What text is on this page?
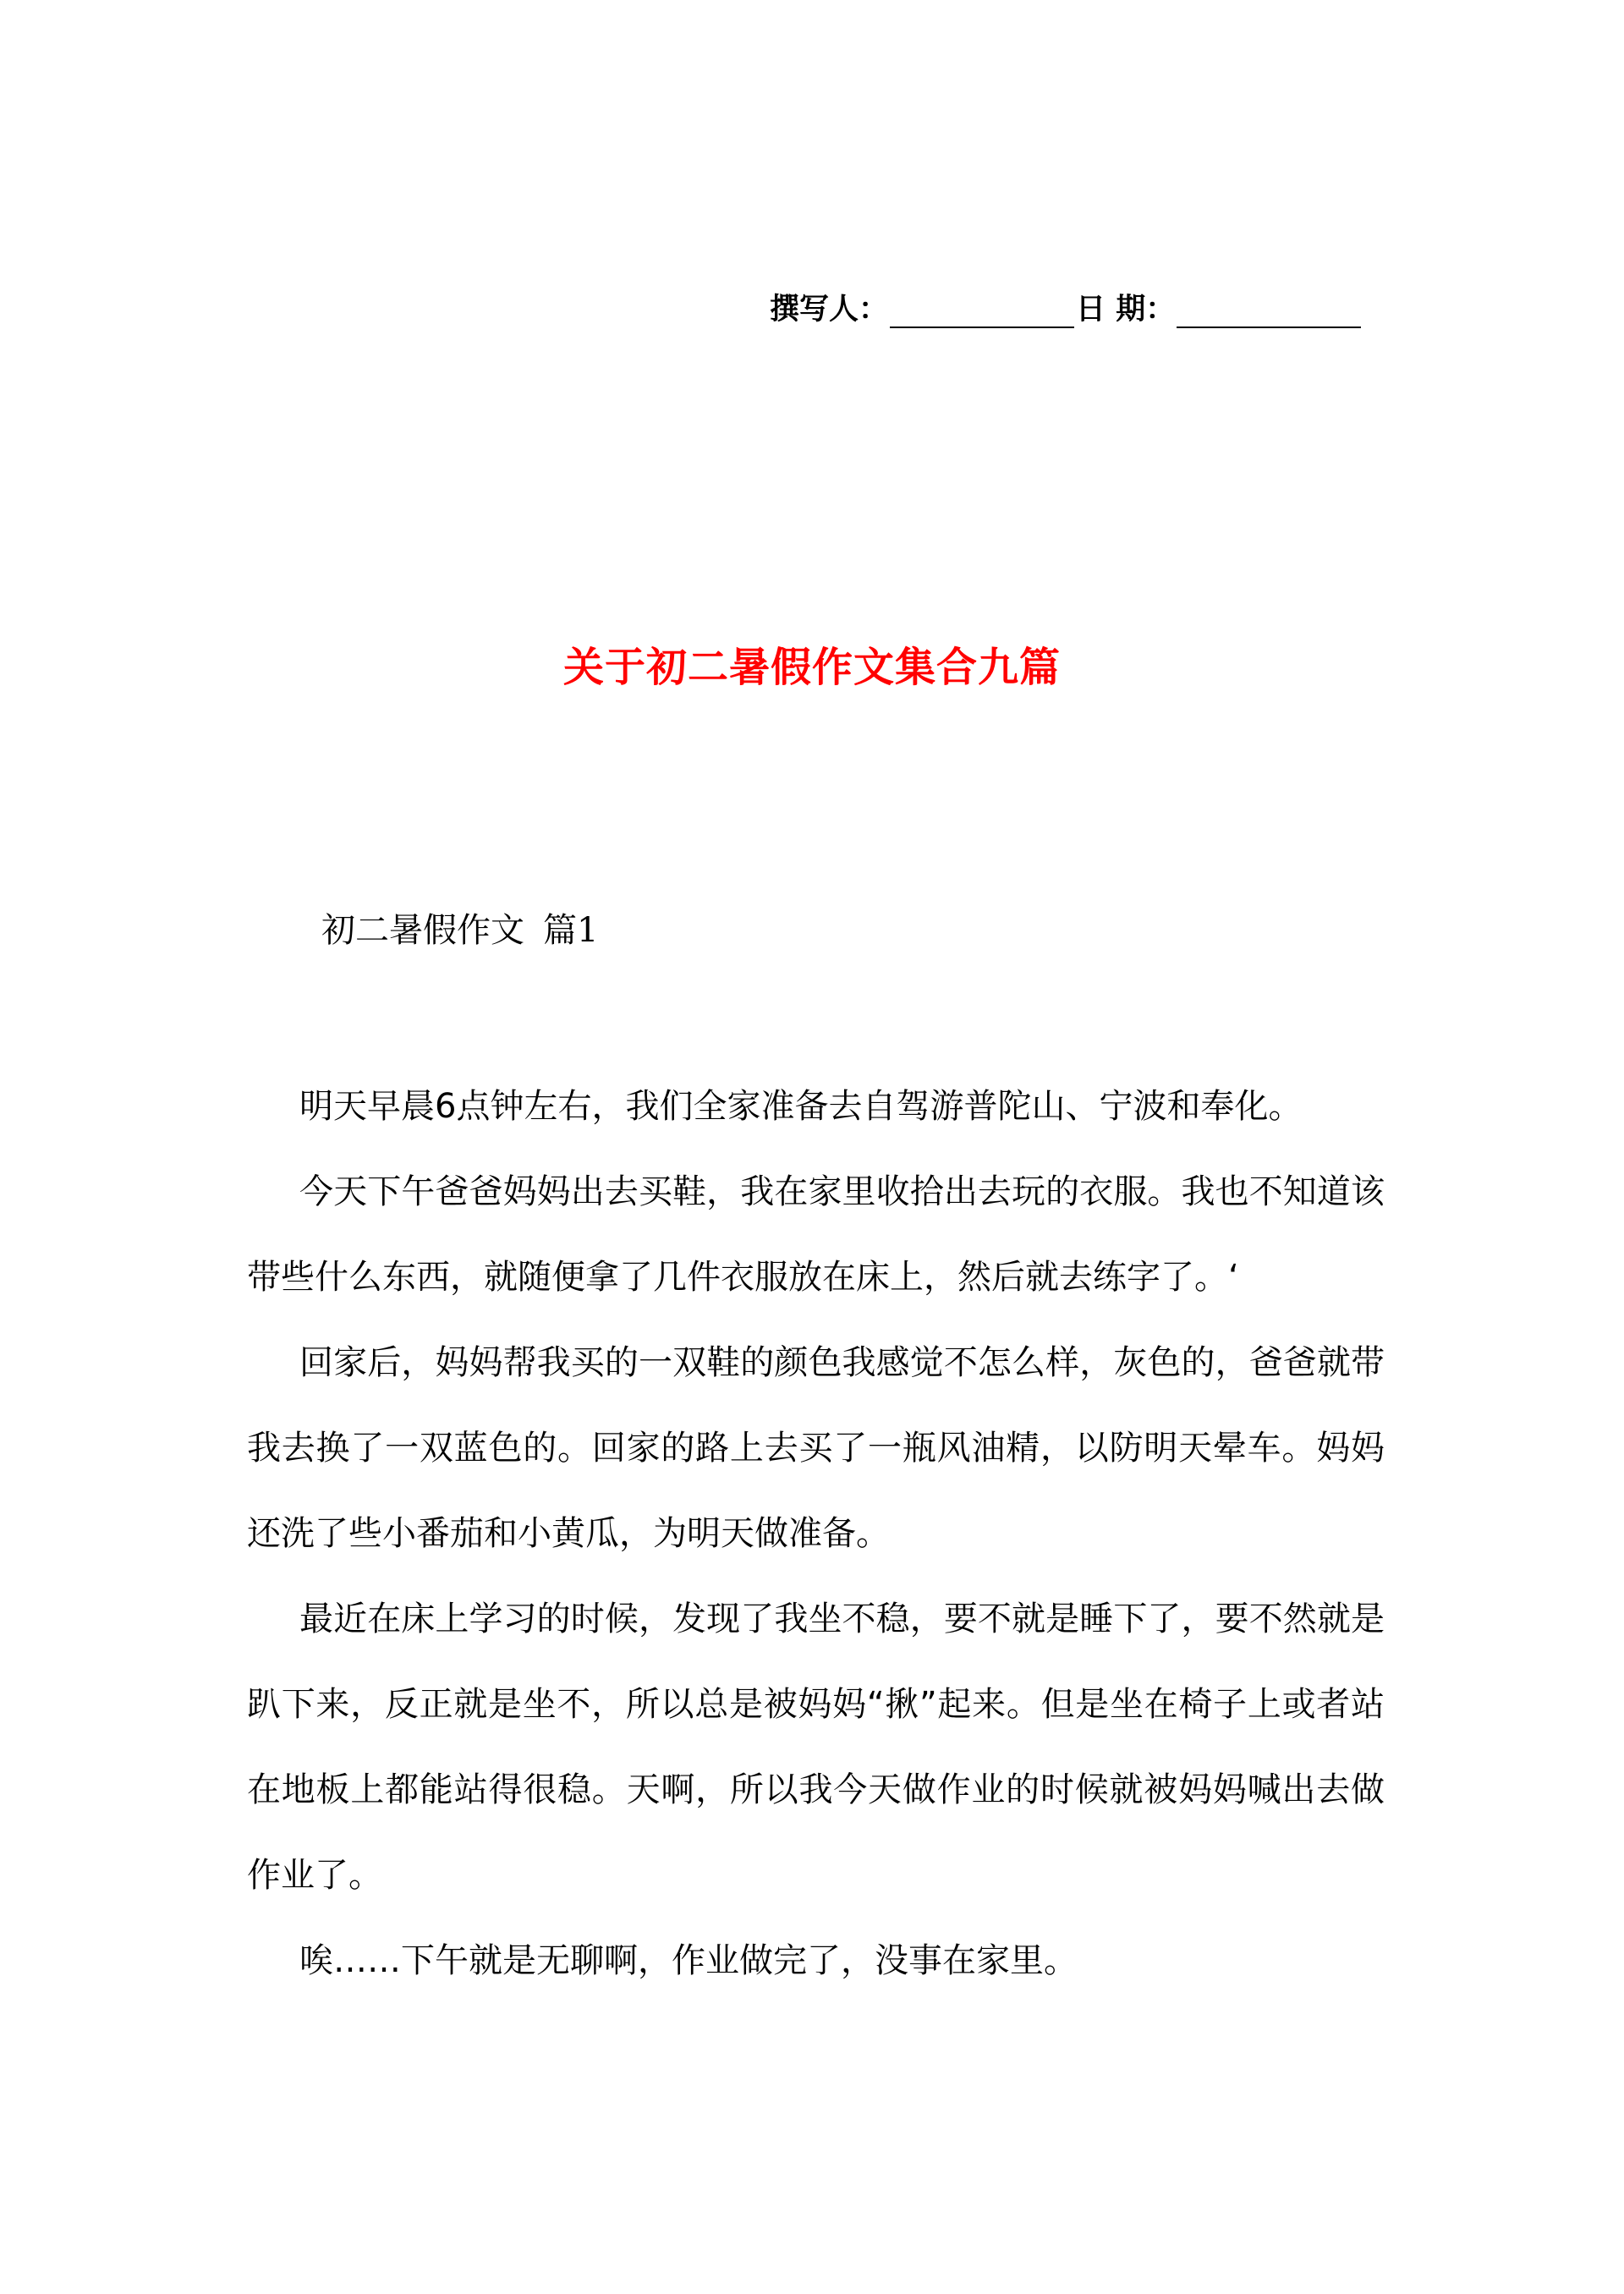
撰写人：	日 期：
关于初二暑假作文集合九篇
初二暑假作文 篇1

明天早晨6点钟左右，我们全家准备去自驾游普陀山、宁波和奉化。

今天下午爸爸妈妈出去买鞋，我在家里收拾出去玩的衣服。我也不知道该带些什么东西，就随便拿了几件衣服放在床上，然后就去练字了。‘

回家后，妈妈帮我买的一双鞋的颜色我感觉不怎么样，灰色的，爸爸就带我去换了一双蓝色的。回家的路上去买了一瓶风油精，以防明天晕车。妈妈还洗了些小番茄和小黄瓜，为明天做准备。

最近在床上学习的时候，发现了我坐不稳，要不就是睡下了，要不然就是趴下来，反正就是坐不，所以总是被妈妈“揪”起来。但是坐在椅子上或者站在地板上都能站得很稳。天啊，所以我今天做作业的时候就被妈妈喊出去做作业了。

唉……下午就是无聊啊，作业做完了，没事在家里。
